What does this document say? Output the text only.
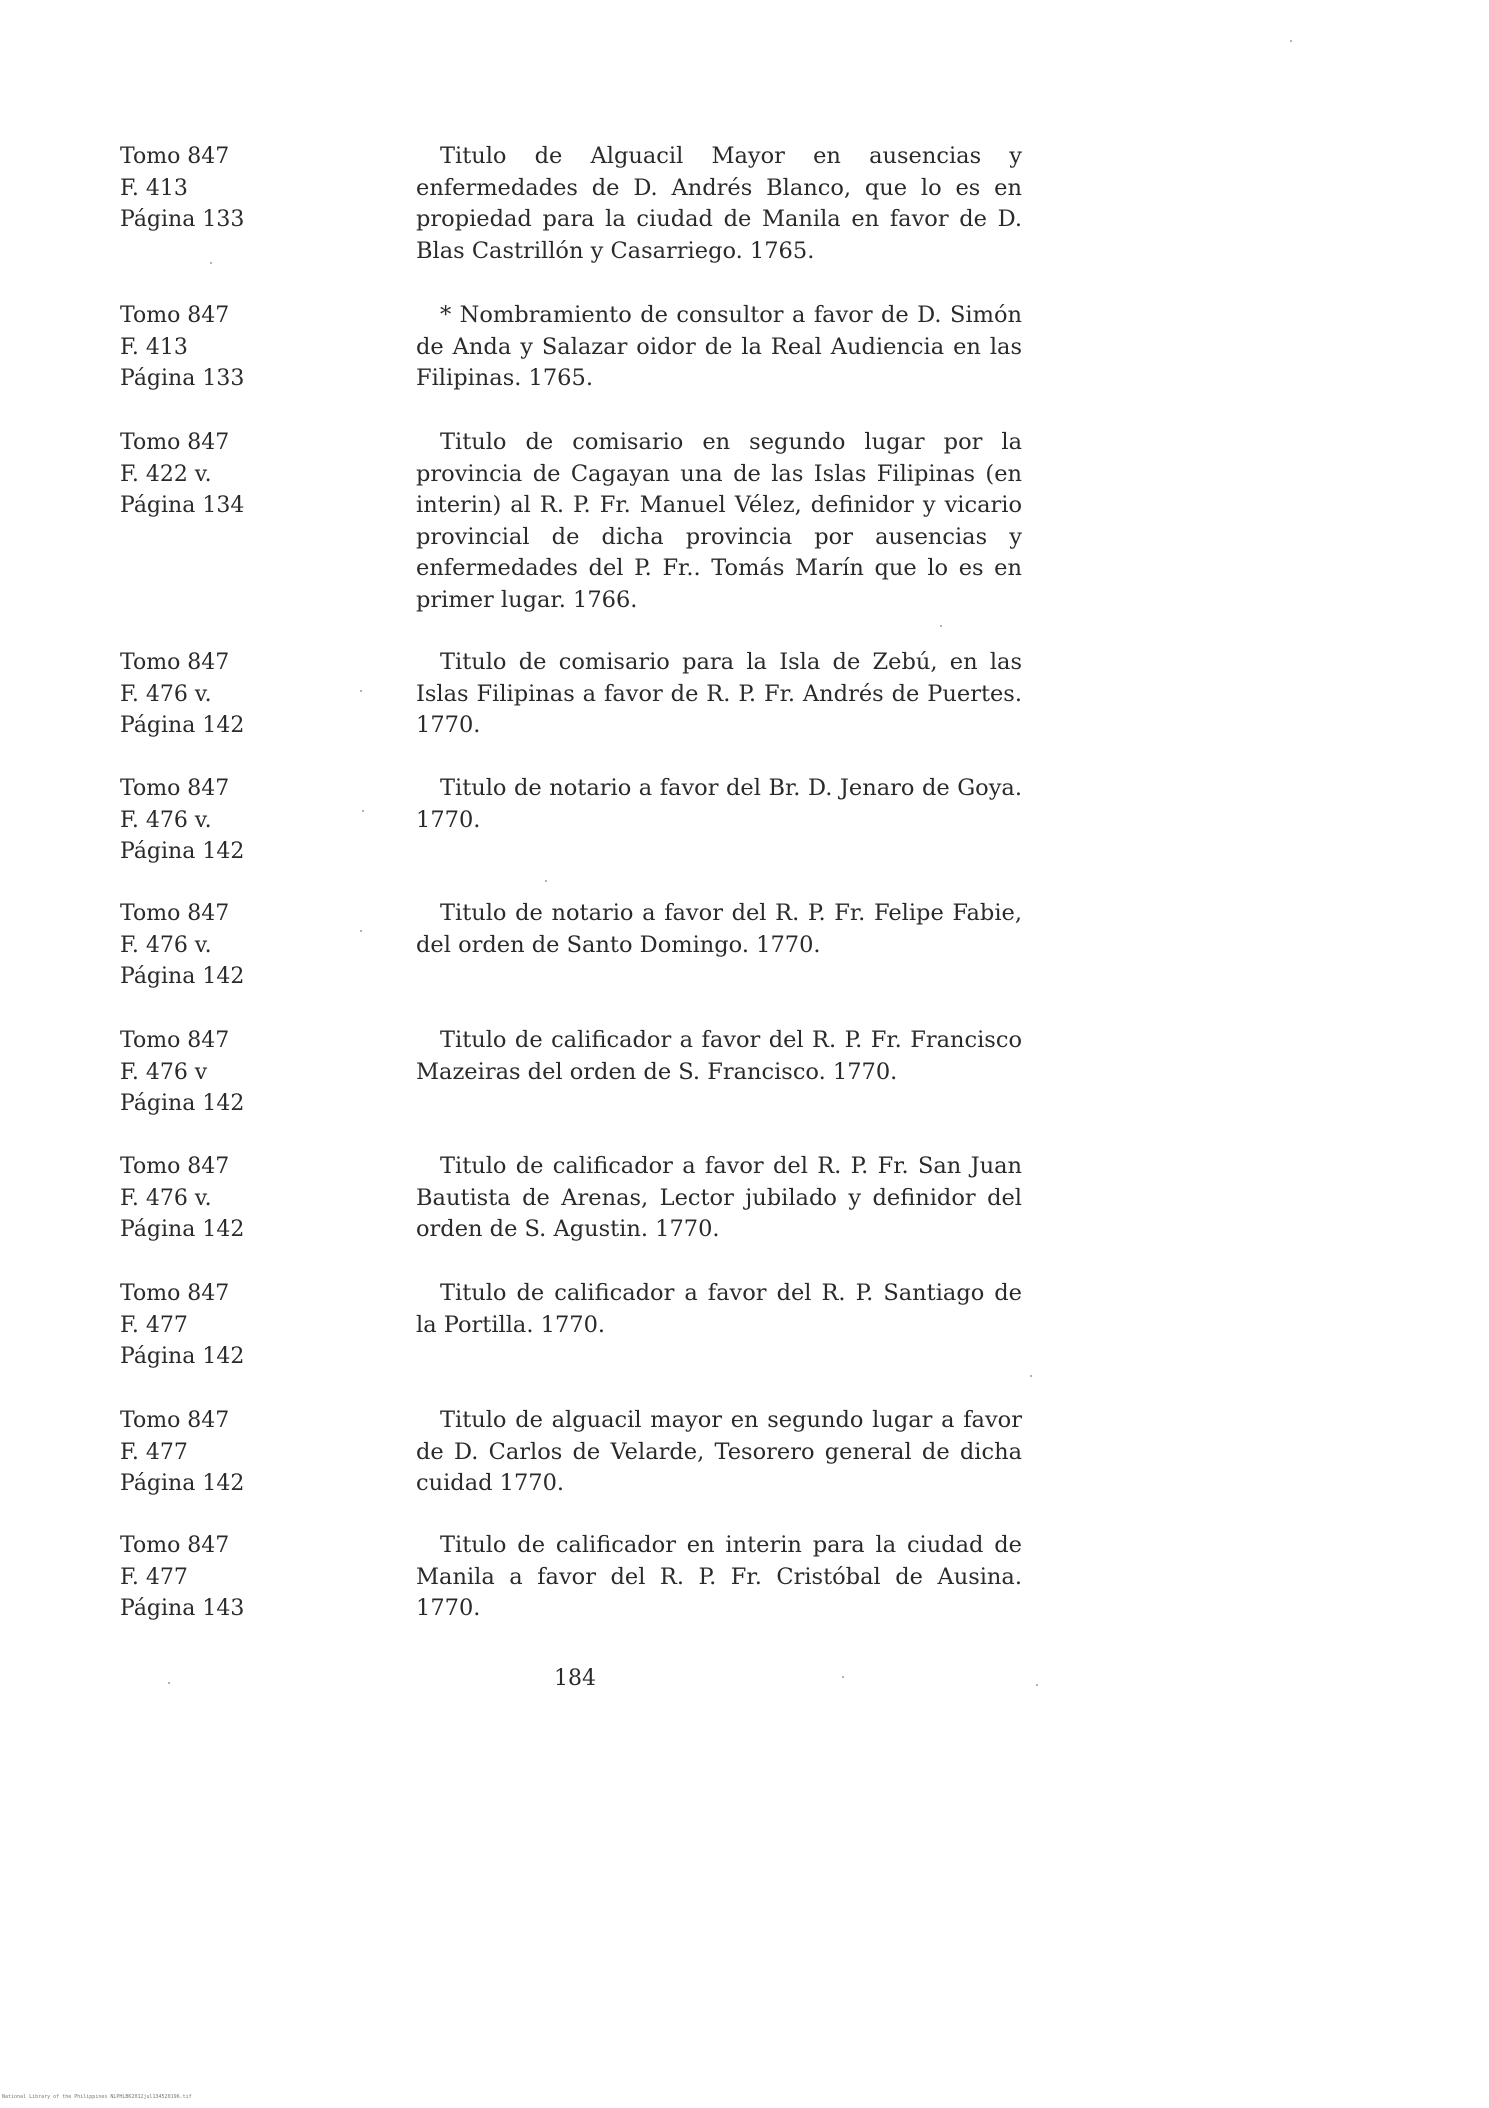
Tomo 847
F. 413
Página 133
Titulo de Alguacil Mayor en ausencias y enfermedades de D. Andrés Blanco, que lo es en propiedad para la ciudad de Manila en favor de D. Blas Castrillón y Casarriego. 1765.
Tomo 847
F. 413
Página 133
* Nombramiento de consultor a favor de D. Simón de Anda y Salazar oidor de la Real Audiencia en las Filipinas. 1765.
Tomo 847
F. 422 v.
Página 134
Titulo de comisario en segundo lugar por la provincia de Cagayan una de las Islas Filipinas (en interin) al R. P. Fr. Manuel Vélez, definidor y vicario provincial de dicha provincia por ausencias y enfermedades del P. Fr.. Tomás Marín que lo es en primer lugar. 1766.
Tomo 847
F. 476 v.
Página 142
Titulo de comisario para la Isla de Zebú, en las Islas Filipinas a favor de R. P. Fr. Andrés de Puertes. 1770.
Tomo 847
F. 476 v.
Página 142
Titulo de notario a favor del Br. D. Jenaro de Goya. 1770.
Tomo 847
F. 476 v.
Página 142
Titulo de notario a favor del R. P. Fr. Felipe Fabie, del orden de Santo Domingo. 1770.
Tomo 847
F. 476 v
Página 142
Titulo de calificador a favor del R. P. Fr. Francisco Mazeiras del orden de S. Francisco. 1770.
Tomo 847
F. 476 v.
Página 142
Titulo de calificador a favor del R. P. Fr. San Juan Bautista de Arenas, Lector jubilado y definidor del orden de S. Agustin. 1770.
Tomo 847
F. 477
Página 142
Titulo de calificador a favor del R. P. Santiago de la Portilla. 1770.
Tomo 847
F. 477
Página 142
Titulo de alguacil mayor en segundo lugar a favor de D. Carlos de Velarde, Tesorero general de dicha cuidad 1770.
Tomo 847
F. 477
Página 143
Titulo de calificador en interin para la ciudad de Manila a favor del R. P. Fr. Cristóbal de Ausina. 1770.
184
National Library of the Philippines NLPHLBK2012jul134520196.tif
